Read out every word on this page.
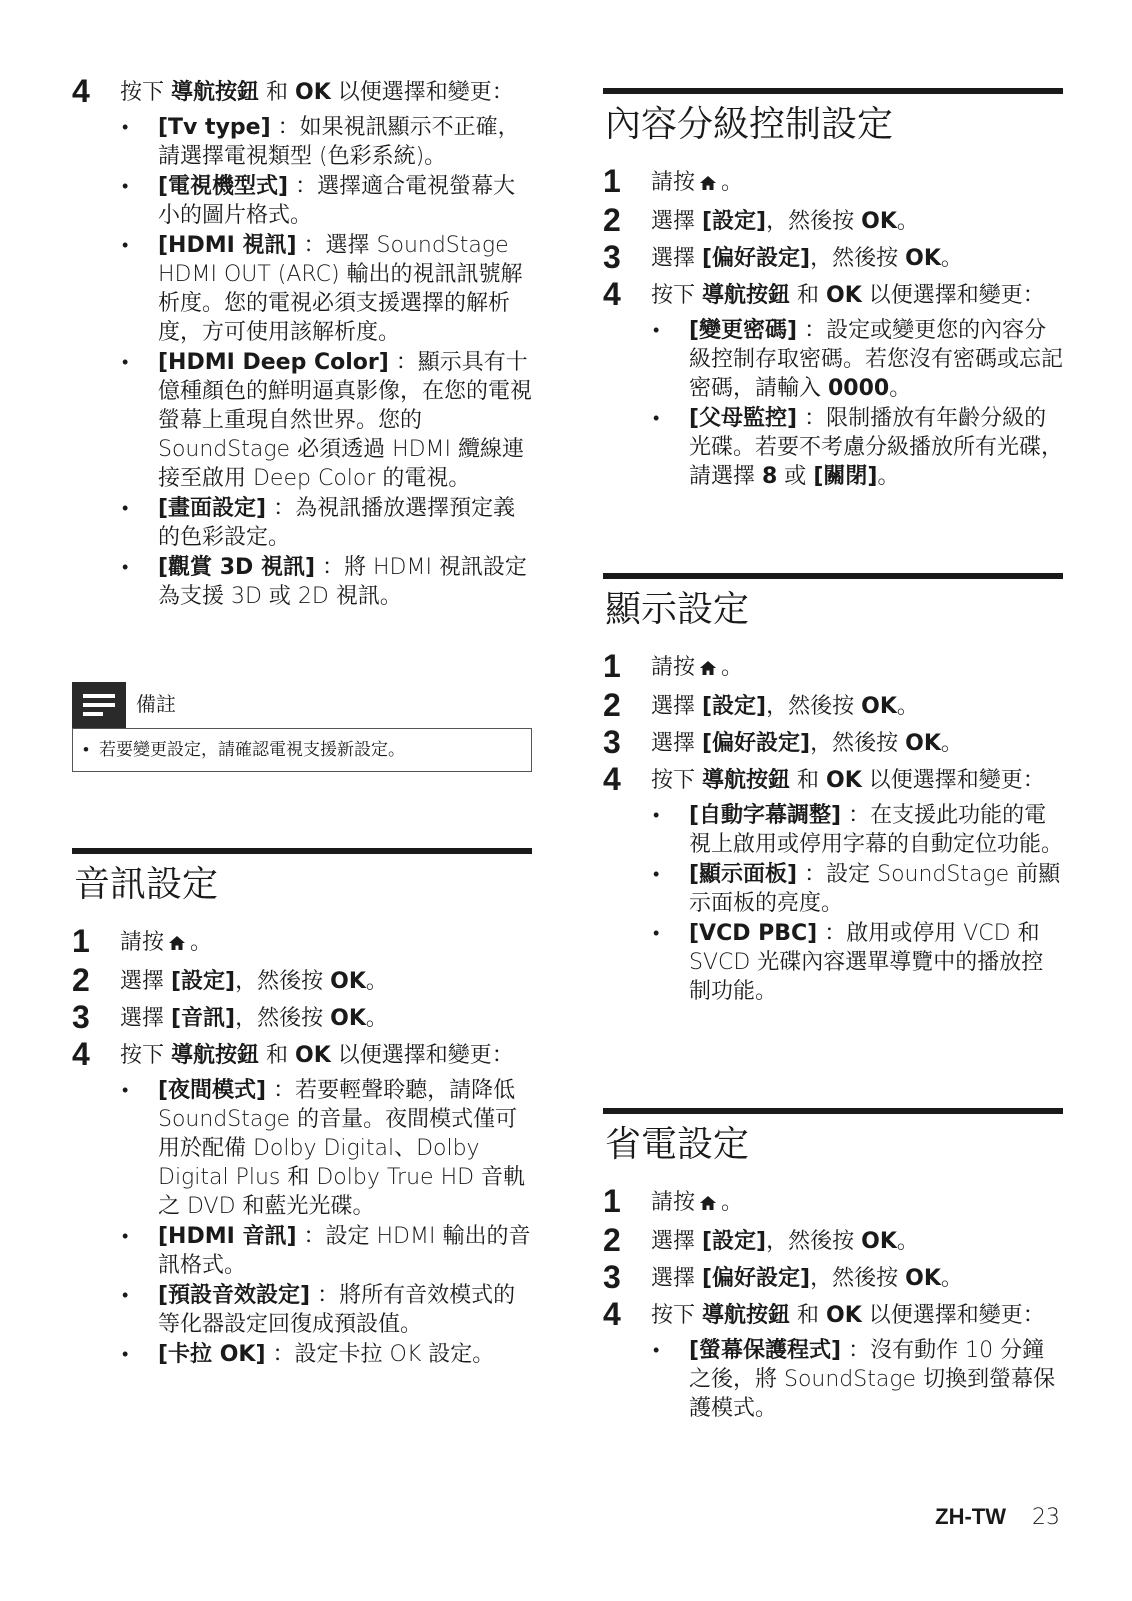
4 按下 導航按鈕 和 OK 以便選擇和變更：
• [Tv type] ：如果視訊顯示不正確，請選擇電視類型 (色彩系統)。
• [電視機型式] ：選擇適合電視螢幕大小的圖片格式。
• [HDMI 視訊] ：選擇 SoundStage HDMI OUT (ARC) 輸出的視訊訊號解析度。您的電視必須支援選擇的解析度，方可使用該解析度。
• [HDMI Deep Color] ：顯示具有十億種顏色的鮮明逼真影像，在您的電視螢幕上重現自然世界。您的 SoundStage 必須透過 HDMI 纜線連接至啟用 Deep Color 的電視。
• [畫面設定] ：為視訊播放選擇預定義的色彩設定。
• [觀賞 3D 視訊] ：將 HDMI 視訊設定為支援 3D 或 2D 視訊。
音訊設定
1 請按 。
2 選擇 [設定]，然後按 OK。
3 選擇 [音訊]，然後按 OK。
4 按下 導航按鈕 和 OK 以便選擇和變更：
• [夜間模式] ：若要輕聲聆聽，請降低 SoundStage 的音量。夜間模式僅可用於配備 Dolby Digital、Dolby Digital Plus 和 Dolby True HD 音軌之 DVD 和藍光光碟。
• [HDMI 音訊] ：設定 HDMI 輸出的音訊格式。
• [預設音效設定] ：將所有音效模式的等化器設定回復成預設值。
• [卡拉 OK] ：設定卡拉 OK 設定。
備註
• 若要變更設定，請確認電視支援新設定。
內容分級控制設定
1 請按 。
2 選擇 [設定]，然後按 OK。
3 選擇 [偏好設定]，然後按 OK。
4 按下 導航按鈕 和 OK 以便選擇和變更：
• [變更密碼] ：設定或變更您的內容分級控制存取密碼。若您沒有密碼或忘記密碼，請輸入 0000。
• [父母監控] ：限制播放有年齡分級的光碟。若要不考慮分級播放所有光碟，請選擇 8 或 [關閉]。
顯示設定
1 請按 。
2 選擇 [設定]，然後按 OK。
3 選擇 [偏好設定]，然後按 OK。
4 按下 導航按鈕 和 OK 以便選擇和變更：
• [自動字幕調整] ：在支援此功能的電視上啟用或停用字幕的自動定位功能。
• [顯示面板] ：設定 SoundStage 前顯示面板的亮度。
• [VCD PBC] ：啟用或停用 VCD 和 SVCD 光碟內容選單導覽中的播放控制功能。
省電設定
1 請按 。
2 選擇 [設定]，然後按 OK。
3 選擇 [偏好設定]，然後按 OK。
4 按下 導航按鈕 和 OK 以便選擇和變更：
• [螢幕保護程式] ：沒有動作 10 分鐘之後，將 SoundStage 切換到螢幕保護模式。
ZH-TW 23
